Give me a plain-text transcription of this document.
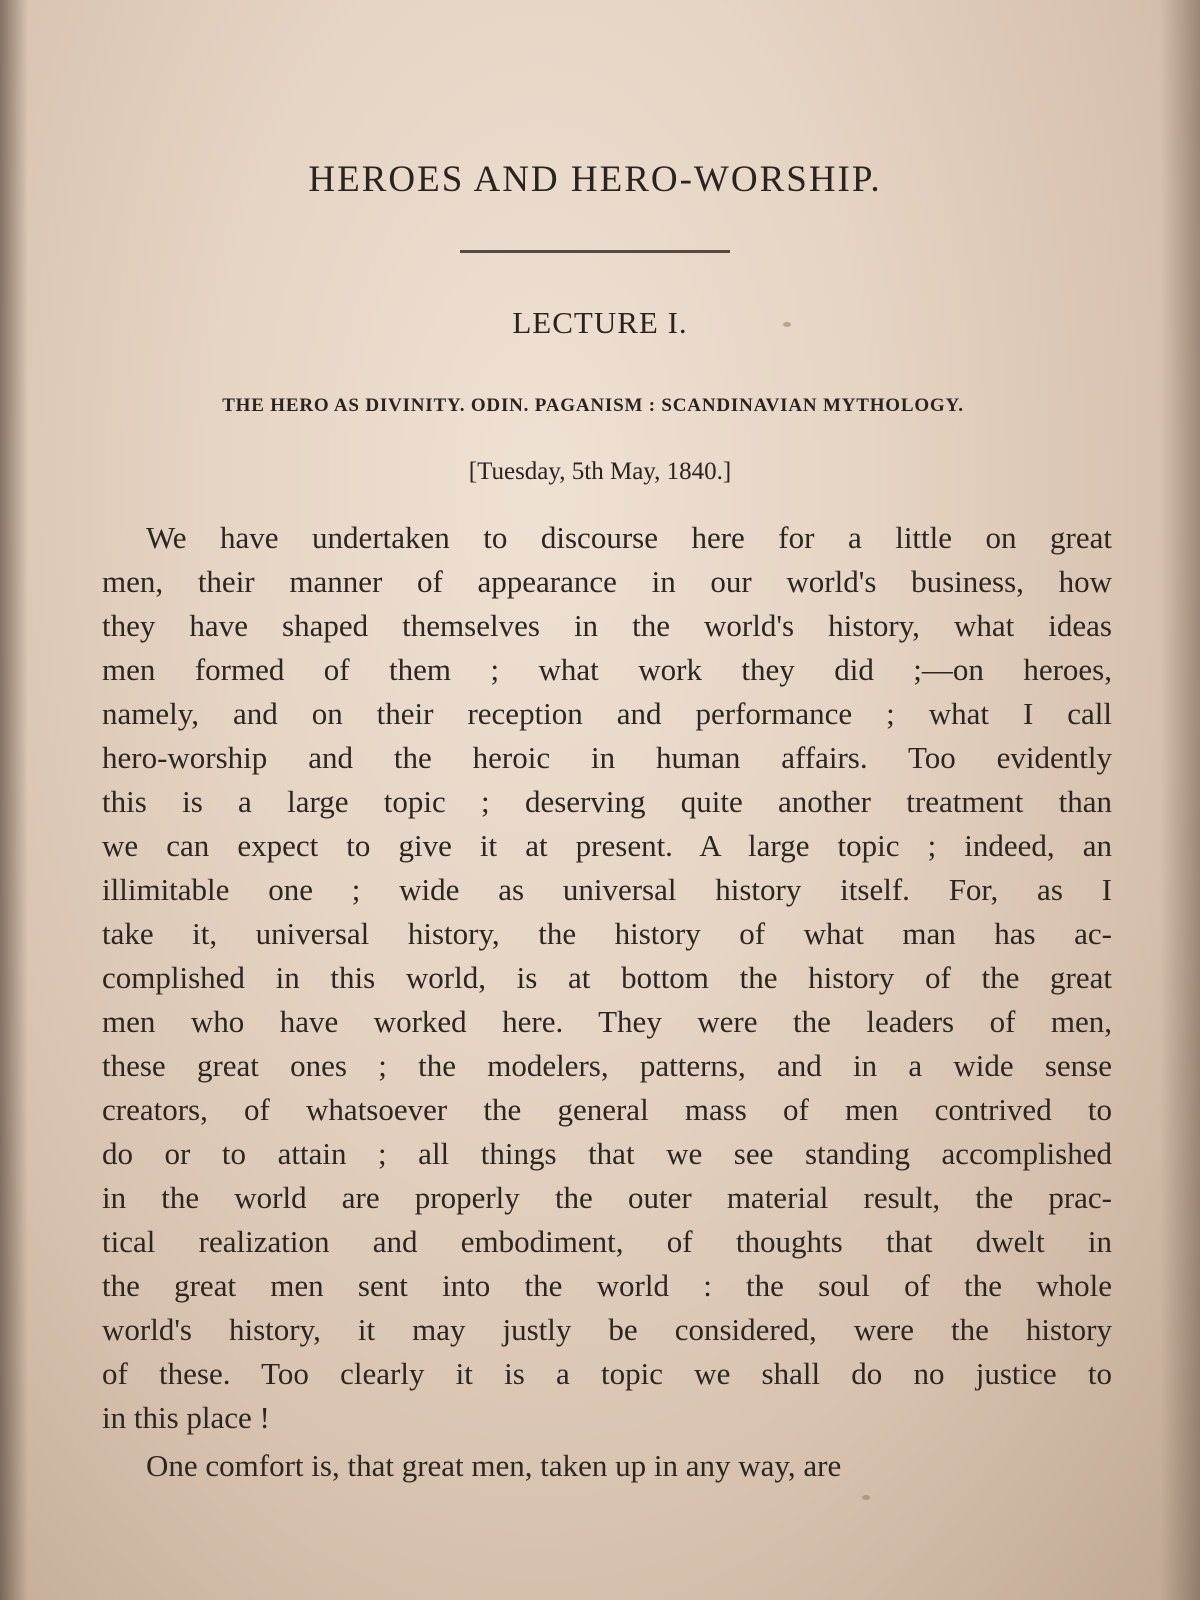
HEROES AND HERO-WORSHIP.
LECTURE I.
THE HERO AS DIVINITY. ODIN. PAGANISM : SCANDINAVIAN MYTHOLOGY.
[Tuesday, 5th May, 1840.]
We have undertaken to discourse here for a little on great
men, their manner of appearance in our world's business, how
they have shaped themselves in the world's history, what ideas
men formed of them ; what work they did ;—on heroes,
namely, and on their reception and performance ; what I call
hero-worship and the heroic in human affairs. Too evidently
this is a large topic ; deserving quite another treatment than
we can expect to give it at present. A large topic ; indeed, an
illimitable one ; wide as universal history itself. For, as I
take it, universal history, the history of what man has ac-
complished in this world, is at bottom the history of the great
men who have worked here. They were the leaders of men,
these great ones ; the modelers, patterns, and in a wide sense
creators, of whatsoever the general mass of men contrived to
do or to attain ; all things that we see standing accomplished
in the world are properly the outer material result, the prac-
tical realization and embodiment, of thoughts that dwelt in
the great men sent into the world : the soul of the whole
world's history, it may justly be considered, were the history
of these. Too clearly it is a topic we shall do no justice to
in this place !
One comfort is, that great men, taken up in any way, are
